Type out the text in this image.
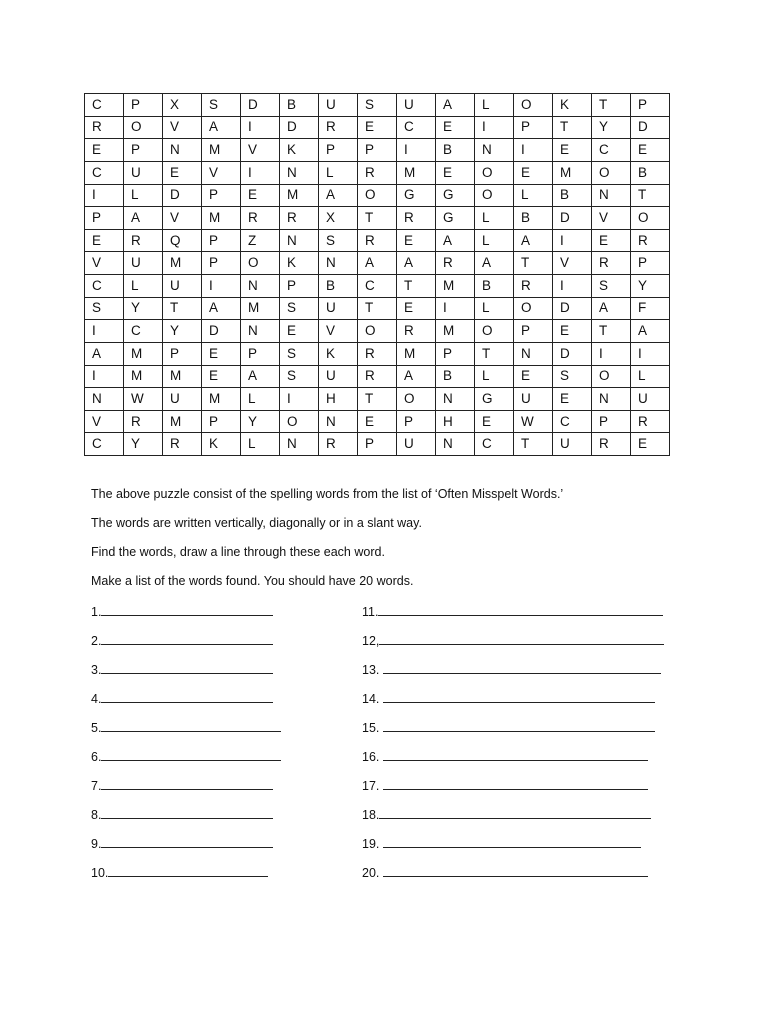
C	P	X	S	D	B	U	S	U	A	L	O	K	T	P
R	O	V	A	I	D	R	E	C	E	I	P	T	Y	D
E	P	N	M	V	K	P	P	I	B	N	I	E	C	E
C	U	E	V	I	N	L	R	M	E	O	E	M	O	B
I	L	D	P	E	M	A	O	G	G	O	L	B	N	T
P	A	V	M	R	R	X	T	R	G	L	B	D	V	O
E	R	Q	P	Z	N	S	R	E	A	L	A	I	E	R
V	U	M	P	O	K	N	A	A	R	A	T	V	R	P
C	L	U	I	N	P	B	C	T	M	B	R	I	S	Y
S	Y	T	A	M	S	U	T	E	I	L	O	D	A	F
I	C	Y	D	N	E	V	O	R	M	O	P	E	T	A
A	M	P	E	P	S	K	R	M	P	T	N	D	I	I
I	M	M	E	A	S	U	R	A	B	L	E	S	O	L
N	W	U	M	L	I	H	T	O	N	G	U	E	N	U
V	R	M	P	Y	O	N	E	P	H	E	W	C	P	R
C	Y	R	K	L	N	R	P	U	N	C	T	U	R	E

The above puzzle consist of the spelling words from the list of ‘Often Misspelt Words.’

The words are written vertically, diagonally or in a slant way.

Find the words, draw a line through these each word.

Make a list of the words found. You should have 20 words.

1.
2.
3.
4.
5.
6.
7.
8.
9.
10.
11.
12,
13.
14.
15.
16.
17.
18.
19.
20.
